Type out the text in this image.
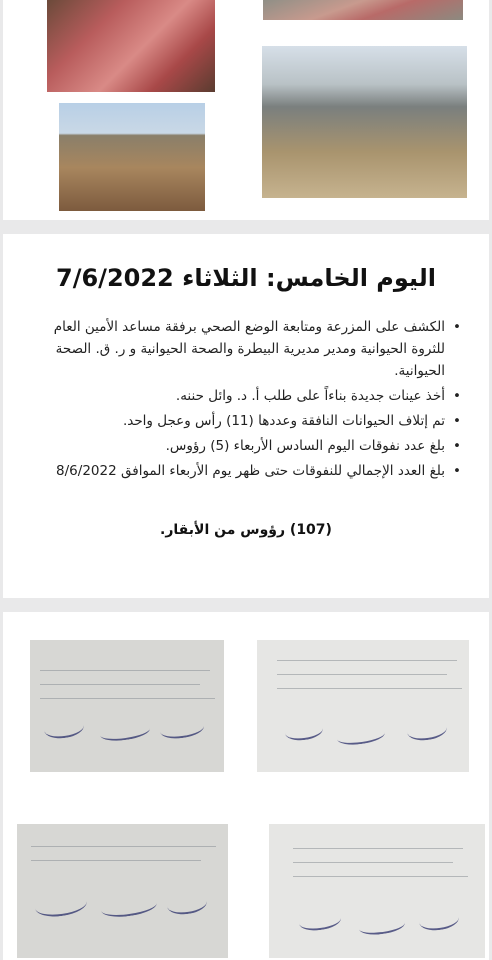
اليوم الخامس: الثلاثاء 7/6/2022
• الكشف على المزرعة ومتابعة الوضع الصحي برفقة مساعد الأمين العام للثروة الحيوانية ومدير مديرية البيطرة والصحة الحيوانية و ر. ق. الصحة الحيوانية.
• أخذ عينات جديدة بناءاً على طلب أ. د. وائل حننه.
• تم إتلاف الحيوانات النافقة وعددها (11) رأس وعجل واحد.
• بلغ عدد نفوقات اليوم السادس الأربعاء (5) رؤوس.
• بلغ العدد الإجمالي للنفوقات حتى ظهر يوم الأربعاء الموافق 8/6/2022
(107) رؤوس من الأبقار.
